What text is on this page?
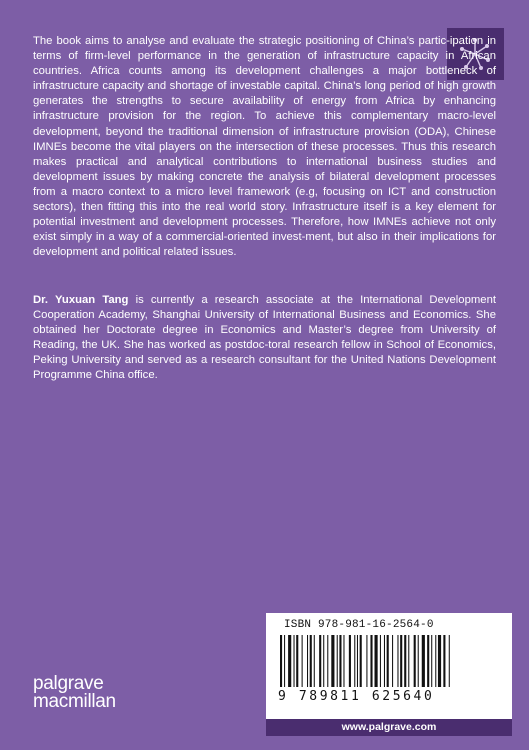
The book aims to analyse and evaluate the strategic positioning of China’s partic-ipation in terms of firm-level performance in the generation of infrastructure capacity in African countries. Africa counts among its development challenges a major bottleneck of infrastructure capacity and shortage of investable capital. China’s long period of high growth generates the strengths to secure availability of energy from Africa by enhancing infrastructure provision for the region. To achieve this complementary macro-level development, beyond the traditional dimension of infrastructure provision (ODA), Chinese IMNEs become the vital players on the intersection of these processes. Thus this research makes practical and analytical contributions to international business studies and development issues by making concrete the analysis of bilateral development processes from a macro context to a micro level framework (e.g, focusing on ICT and construction sectors), then fitting this into the real world story. Infrastructure itself is a key element for potential investment and development processes. Therefore, how IMNEs achieve not only exist simply in a way of a commercial-oriented invest-ment, but also in their implications for development and political related issues.

Dr. Yuxuan Tang is currently a research associate at the International Development Cooperation Academy, Shanghai University of International Business and Economics. She obtained her Doctorate degree in Economics and Master’s degree from University of Reading, the UK. She has worked as postdoc-toral research fellow in School of Economics, Peking University and served as a research consultant for the United Nations Development Programme China office.

palgrave
macmillan
ISBN 978-981-16-2564-0
9 789811 625640
www.palgrave.com
